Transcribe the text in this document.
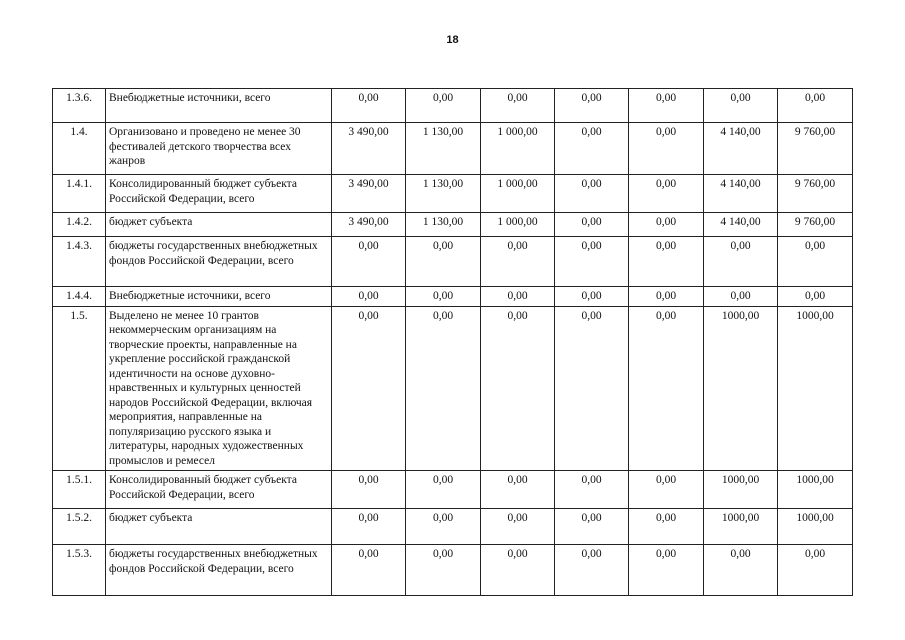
18
1.3.6.	Внебюджетные источники, всего	0,00	0,00	0,00	0,00	0,00	0,00	0,00
1.4.	Организовано и проведено не менее 30 фестивалей детского творчества всех жанров	3 490,00	1 130,00	1 000,00	0,00	0,00	4 140,00	9 760,00
1.4.1.	Консолидированный бюджет субъекта Российской Федерации, всего	3 490,00	1 130,00	1 000,00	0,00	0,00	4 140,00	9 760,00
1.4.2.	бюджет субъекта	3 490,00	1 130,00	1 000,00	0,00	0,00	4 140,00	9 760,00
1.4.3.	бюджеты государственных внебюджетных фондов Российской Федерации, всего	0,00	0,00	0,00	0,00	0,00	0,00	0,00
1.4.4.	Внебюджетные источники, всего	0,00	0,00	0,00	0,00	0,00	0,00	0,00
1.5.	Выделено не менее 10 грантов некоммерческим организациям на творческие проекты, направленные на укрепление российской гражданской идентичности на основе духовно-нравственных и культурных ценностей народов Российской Федерации, включая мероприятия, направленные на популяризацию русского языка и литературы, народных художественных промыслов и ремесел	0,00	0,00	0,00	0,00	0,00	1000,00	1000,00
1.5.1.	Консолидированный бюджет субъекта Российской Федерации, всего	0,00	0,00	0,00	0,00	0,00	1000,00	1000,00
1.5.2.	бюджет субъекта	0,00	0,00	0,00	0,00	0,00	1000,00	1000,00
1.5.3.	бюджеты государственных внебюджетных фондов Российской Федерации, всего	0,00	0,00	0,00	0,00	0,00	0,00	0,00
